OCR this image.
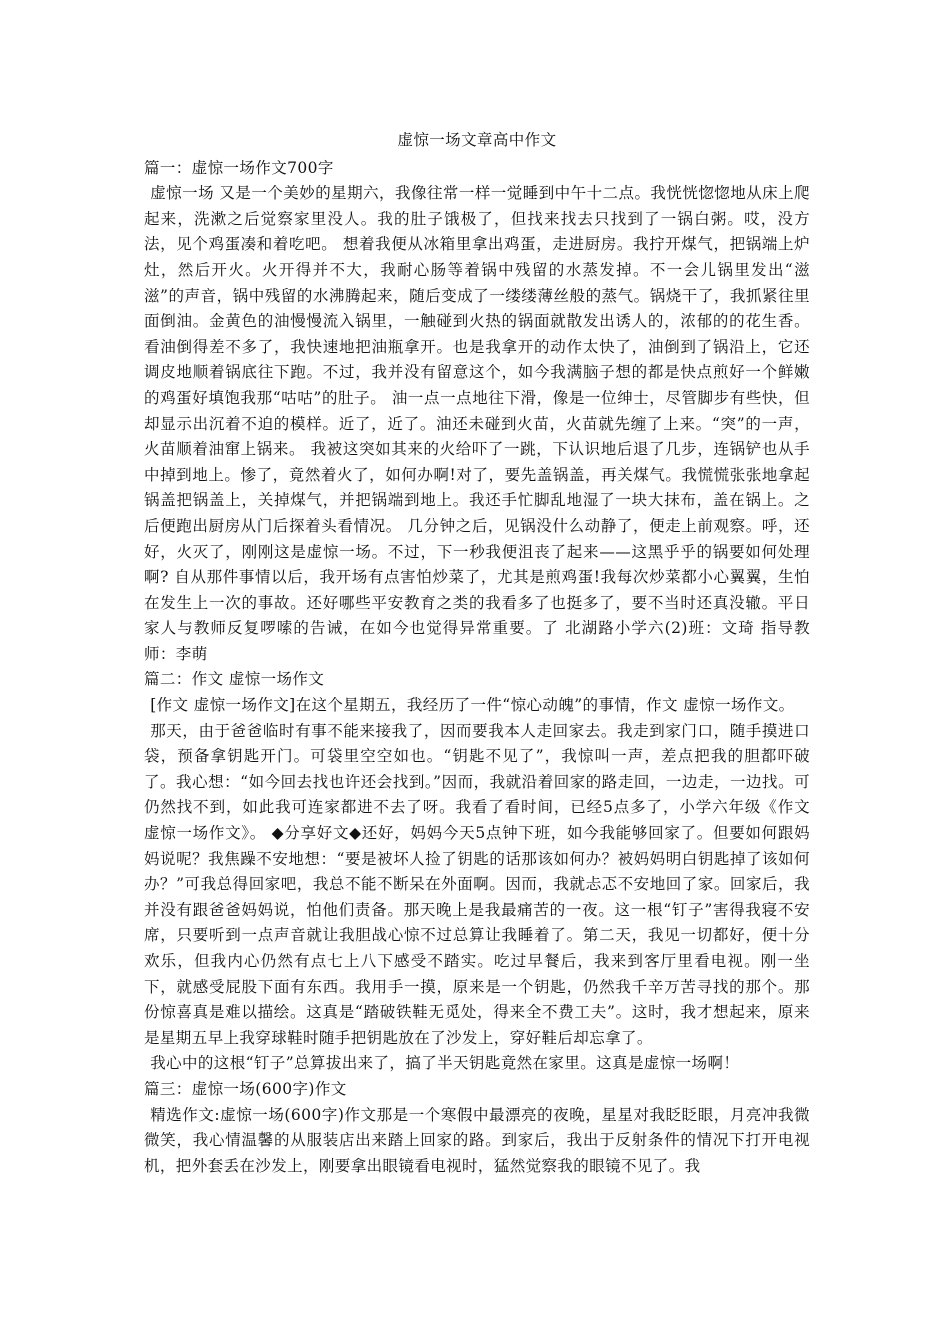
虚惊一场文章高中作文
篇一：虚惊一场作文700字
虚惊一场 又是一个美妙的星期六，我像往常一样一觉睡到中午十二点。我恍恍惚惚地从床上爬起来，洗漱之后觉察家里没人。我的肚子饿极了，但找来找去只找到了一锅白粥。哎，没方法，见个鸡蛋凑和着吃吧。 想着我便从冰箱里拿出鸡蛋，走进厨房。我拧开煤气，把锅端上炉灶，然后开火。火开得并不大，我耐心肠等着锅中残留的水蒸发掉。不一会儿锅里发出“滋滋”的声音，锅中残留的水沸腾起来，随后变成了一缕缕薄丝般的蒸气。锅烧干了，我抓紧往里面倒油。金黄色的油慢慢流入锅里，一触碰到火热的锅面就散发出诱人的，浓郁的的花生香。看油倒得差不多了，我快速地把油瓶拿开。也是我拿开的动作太快了，油倒到了锅沿上，它还调皮地顺着锅底往下跑。不过，我并没有留意这个，如今我满脑子想的都是快点煎好一个鲜嫩的鸡蛋好填饱我那“咕咕”的肚子。 油一点一点地往下滑，像是一位绅士，尽管脚步有些快，但却显示出沉着不迫的模样。近了，近了。油还未碰到火苗，火苗就先缠了上来。“突”的一声，火苗顺着油窜上锅来。 我被这突如其来的火给吓了一跳，下认识地后退了几步，连锅铲也从手中掉到地上。惨了，竟然着火了，如何办啊!对了，要先盖锅盖，再关煤气。我慌慌张张地拿起锅盖把锅盖上，关掉煤气，并把锅端到地上。我还手忙脚乱地湿了一块大抹布，盖在锅上。之后便跑出厨房从门后探着头看情况。 几分钟之后，见锅没什么动静了，便走上前观察。呼，还好，火灭了，刚刚这是虚惊一场。不过，下一秒我便沮丧了起来——这黑乎乎的锅要如何处理啊? 自从那件事情以后，我开场有点害怕炒菜了，尤其是煎鸡蛋!我每次炒菜都小心翼翼，生怕在发生上一次的事故。还好哪些平安教育之类的我看多了也挺多了，要不当时还真没辙。平日家人与教师反复啰嗦的告诫，在如今也觉得异常重要。了 北湖路小学六(2)班：文琦 指导教师：李萌
篇二：作文 虚惊一场作文
[作文 虚惊一场作文]在这个星期五，我经历了一件“惊心动魄”的事情，作文 虚惊一场作文。
那天，由于爸爸临时有事不能来接我了，因而要我本人走回家去。我走到家门口，随手摸进口袋，预备拿钥匙开门。可袋里空空如也。“钥匙不见了”，我惊叫一声，差点把我的胆都吓破了。我心想：“如今回去找也许还会找到。”因而，我就沿着回家的路走回，一边走，一边找。可仍然找不到，如此我可连家都进不去了呀。我看了看时间，已经5点多了，小学六年级《作文 虚惊一场作文》。 ◆分享好文◆还好，妈妈今天5点钟下班，如今我能够回家了。但要如何跟妈妈说呢？我焦躁不安地想：“要是被坏人捡了钥匙的话那该如何办？被妈妈明白钥匙掉了该如何办？”可我总得回家吧，我总不能不断呆在外面啊。因而，我就忐忑不安地回了家。回家后，我并没有跟爸爸妈妈说，怕他们责备。那天晚上是我最痛苦的一夜。这一根“钉子”害得我寝不安席，只要听到一点声音就让我胆战心惊不过总算让我睡着了。第二天，我见一切都好，便十分欢乐，但我内心仍然有点七上八下感受不踏实。吃过早餐后，我来到客厅里看电视。刚一坐下，就感受屁股下面有东西。我用手一摸，原来是一个钥匙，仍然我千辛万苦寻找的那个。那份惊喜真是难以描绘。这真是“踏破铁鞋无觅处，得来全不费工夫”。这时，我才想起来，原来是星期五早上我穿球鞋时随手把钥匙放在了沙发上，穿好鞋后却忘拿了。
我心中的这根“钉子”总算拔出来了，搞了半天钥匙竟然在家里。这真是虚惊一场啊！
篇三：虚惊一场(600字)作文
精选作文:虚惊一场(600字)作文那是一个寒假中最漂亮的夜晚，星星对我眨眨眼，月亮冲我微微笑，我心情温馨的从服装店出来踏上回家的路。到家后，我出于反射条件的情况下打开电视机，把外套丢在沙发上，刚要拿出眼镜看电视时，猛然觉察我的眼镜不见了。我
